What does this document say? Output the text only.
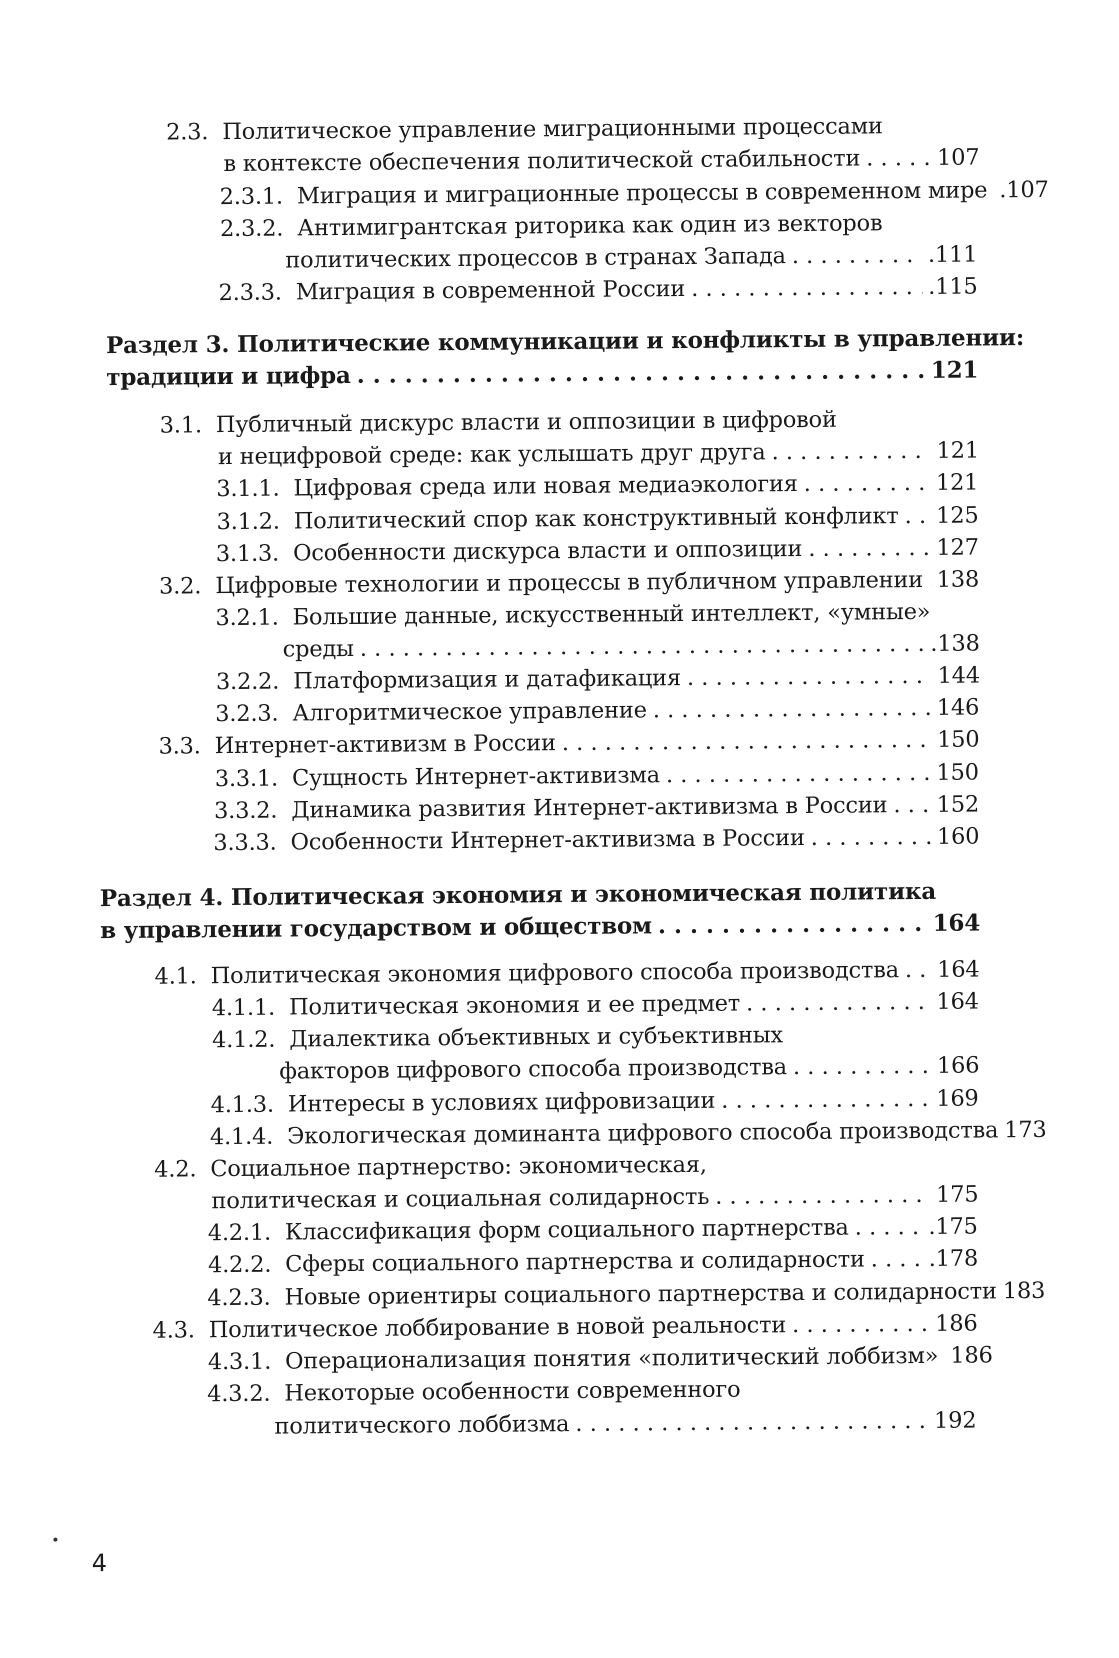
2.3. Политическое управление миграционными процессами
в контексте обеспечения политической стабильности . . .	107
2.3.1. Миграция и миграционные процессы в современном мире . . . .107
2.3.2. Антимигрантская риторика как один из векторов
политических процессов в странах Запада . . .	.111
2.3.3. Миграция в современной России . . .	.115
Раздел 3. Политические коммуникации и конфликты в управлении:
традиции и цифра . . .	121
3.1. Публичный дискурс власти и оппозиции в цифровой
и нецифровой среде: как услышать друг друга . . .	121
3.1.1. Цифровая среда или новая медиаэкология . . .	121
3.1.2. Политический спор как конструктивный конфликт . . . 125
3.1.3. Особенности дискурса власти и оппозиции . . .	127
3.2. Цифровые технологии и процессы в публичном управлении . . . 138
3.2.1. Большие данные, искусственный интеллект, «умные»
среды . . .	.138
3.2.2. Платформизация и датафикация . . .	144
3.2.3. Алгоритмическое управление . . .	146
3.3. Интернет-активизм в России . . .	150
3.3.1. Сущность Интернет-активизма . . .	150
3.3.2. Динамика развития Интернет-активизма в России . . . 152
3.3.3. Особенности Интернет-активизма в России . . .	160
Раздел 4. Политическая экономия и экономическая политика
в управлении государством и обществом . . .	164
4.1. Политическая экономия цифрового способа производства . . . 164
4.1.1. Политическая экономия и ее предмет . . .	164
4.1.2. Диалектика объективных и субъективных
факторов цифрового способа производства . . .	166
4.1.3. Интересы в условиях цифровизации . . .	169
4.1.4. Экологическая доминанта цифрового способа производства 173
4.2. Социальное партнерство: экономическая,
политическая и социальная солидарность . . .	175
4.2.1. Классификация форм социального партнерства . . .	.175
4.2.2. Сферы социального партнерства и солидарности . . .	.178
4.2.3. Новые ориентиры социального партнерства и солидарности 183
4.3. Политическое лоббирование в новой реальности . . .	186
4.3.1. Операционализация понятия «политический лоббизм» . . . 186
4.3.2. Некоторые особенности современного
политического лоббизма . . .	192
4
